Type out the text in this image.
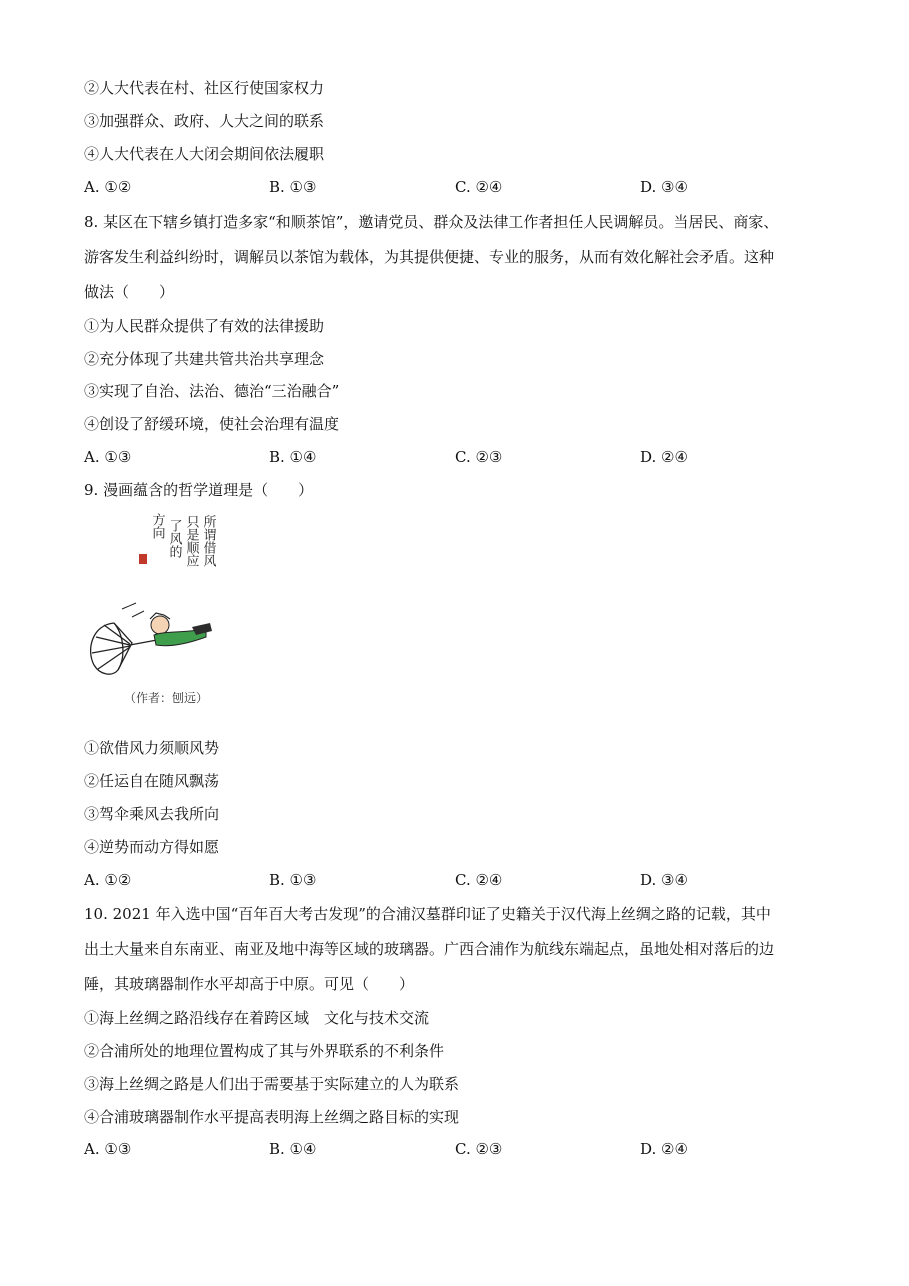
②人大代表在村、社区行使国家权力
③加强群众、政府、人大之间的联系
④人大代表在人大闭会期间依法履职
A. ①②	B. ①③	C. ②④	D. ③④
8. 某区在下辖乡镇打造多家“和顺茶馆”，邀请党员、群众及法律工作者担任人民调解员。当居民、商家、
游客发生利益纠纷时，调解员以茶馆为载体，为其提供便捷、专业的服务，从而有效化解社会矛盾。这种
做法（　　）
①为人民群众提供了有效的法律援助
②充分体现了共建共管共治共享理念
③实现了自治、法治、德治“三治融合”
④创设了舒缓环境，使社会治理有温度
A. ①③	B. ①④	C. ②③	D. ②④
9. 漫画蕴含的哲学道理是（　　）
所谓借风
只是顺应
了风的
方向
（作者：刨远）
①欲借风力须顺风势
②任运自在随风飘荡
③驾伞乘风去我所向
④逆势而动方得如愿
A. ①②	B. ①③	C. ②④	D. ③④
10. 2021 年入选中国“百年百大考古发现”的合浦汉墓群印证了史籍关于汉代海上丝绸之路的记载，其中
出土大量来自东南亚、南亚及地中海等区域的玻璃器。广西合浦作为航线东端起点，虽地处相对落后的边
陲，其玻璃器制作水平却高于中原。可见（　　）
①海上丝绸之路沿线存在着跨区域　文化与技术交流
②合浦所处的地理位置构成了其与外界联系的不利条件
③海上丝绸之路是人们出于需要基于实际建立的人为联系
④合浦玻璃器制作水平提高表明海上丝绸之路目标的实现
A. ①③	B. ①④	C. ②③	D. ②④
